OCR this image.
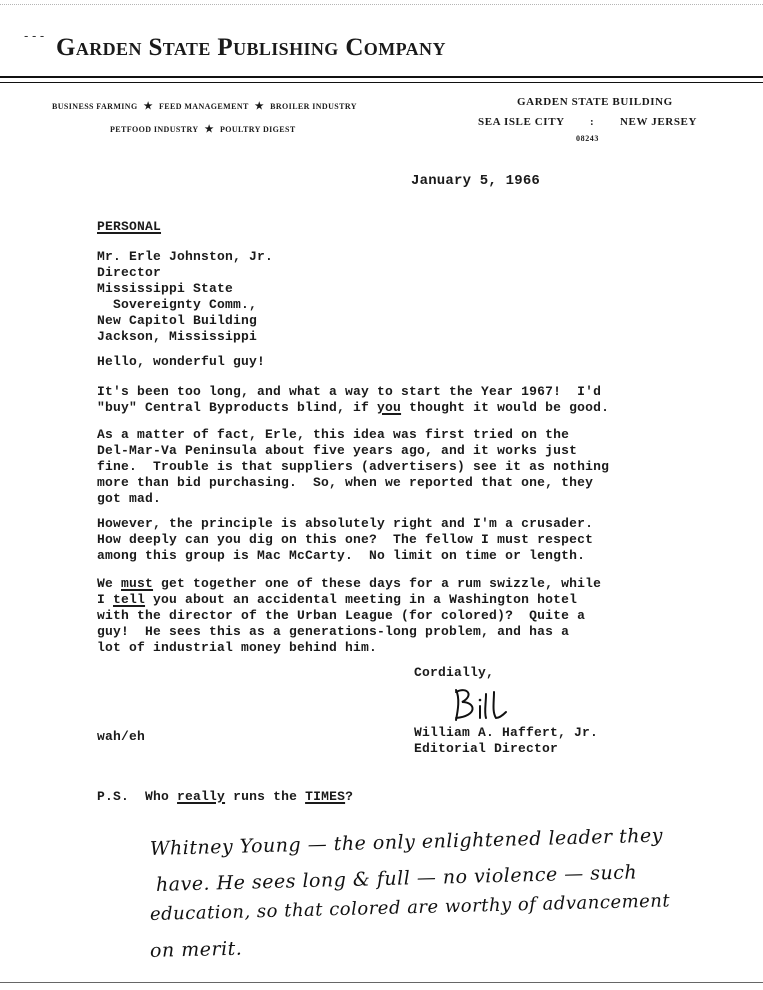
- - - Garden State Publishing Company
BUSINESS FARMING ★ FEED MANAGEMENT ★ BROILER INDUSTRY
PETFOOD INDUSTRY ★ POULTRY DIGEST
GARDEN STATE BUILDING
SEA ISLE CITY : NEW JERSEY
08243
January 5, 1966
PERSONAL
Mr. Erle Johnston, Jr.
Director
Mississippi State
Sovereignty Comm.,
New Capitol Building
Jackson, Mississippi
Hello, wonderful guy!
It's been too long, and what a way to start the Year 1967!  I'd
"buy" Central Byproducts blind, if you thought it would be good.
As a matter of fact, Erle, this idea was first tried on the
Del-Mar-Va Peninsula about five years ago, and it works just
fine.  Trouble is that suppliers (advertisers) see it as nothing
more than bid purchasing.  So, when we reported that one, they
got mad.
However, the principle is absolutely right and I'm a crusader.
How deeply can you dig on this one?  The fellow I must respect
among this group is Mac McCarty.  No limit on time or length.
We must get together one of these days for a rum swizzle, while
I tell you about an accidental meeting in a Washington hotel
with the director of the Urban League (for colored)?  Quite a
guy!  He sees this as a generations-long problem, and has a
lot of industrial money behind him.
Cordially,
wah/eh	William A. Haffert, Jr.
Editorial Director
P.S. Who really runs the TIMES?
Whitney Young — the only enlightened leader they
have. He sees long & full — no violence — such
education, so that colored are worthy of advancement
on merit.
